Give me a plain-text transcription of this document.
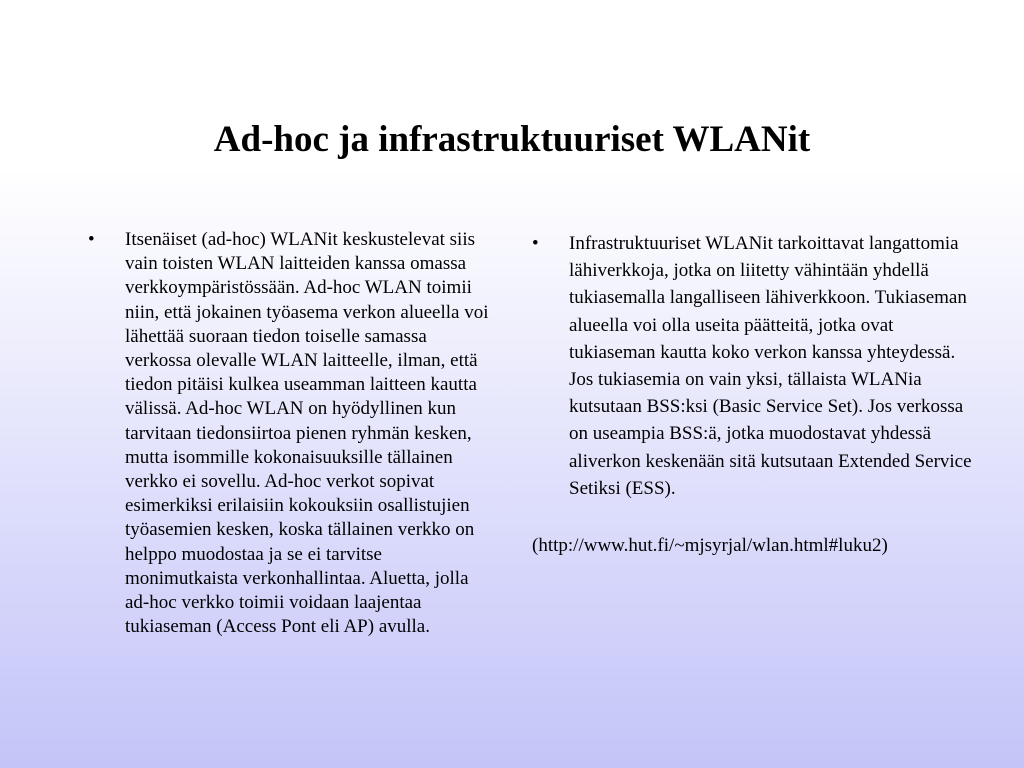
Ad-hoc ja infrastruktuuriset WLANit
• Itsenäiset (ad-hoc) WLANit keskustelevat siis vain toisten WLAN laitteiden kanssa omassa verkkoympäristössään. Ad-hoc WLAN toimii niin, että jokainen työasema verkon alueella voi lähettää suoraan tiedon toiselle samassa verkossa olevalle WLAN laitteelle, ilman, että tiedon pitäisi kulkea useamman laitteen kautta välissä. Ad-hoc WLAN on hyödyllinen kun tarvitaan tiedonsiirtoa pienen ryhmän kesken, mutta isommille kokonaisuuksille tällainen verkko ei sovellu. Ad-hoc verkot sopivat esimerkiksi erilaisiin kokouksiin osallistujien työasemien kesken, koska tällainen verkko on helppo muodostaa ja se ei tarvitse monimutkaista verkonhallintaa. Aluetta, jolla ad-hoc verkko toimii voidaan laajentaa tukiaseman (Access Pont eli AP) avulla.
• Infrastruktuuriset WLANit tarkoittavat langattomia lähiverkkoja, jotka on liitetty vähintään yhdellä tukiasemalla langalliseen lähiverkkoon. Tukiaseman alueella voi olla useita päätteitä, jotka ovat tukiaseman kautta koko verkon kanssa yhteydessä. Jos tukiasemia on vain yksi, tällaista WLANia kutsutaan BSS:ksi (Basic Service Set). Jos verkossa on useampia BSS:ä, jotka muodostavat yhdessä aliverkon keskenään sitä kutsutaan Extended Service Setiksi (ESS).
(http://www.hut.fi/~mjsyrjal/wlan.html#luku2)
